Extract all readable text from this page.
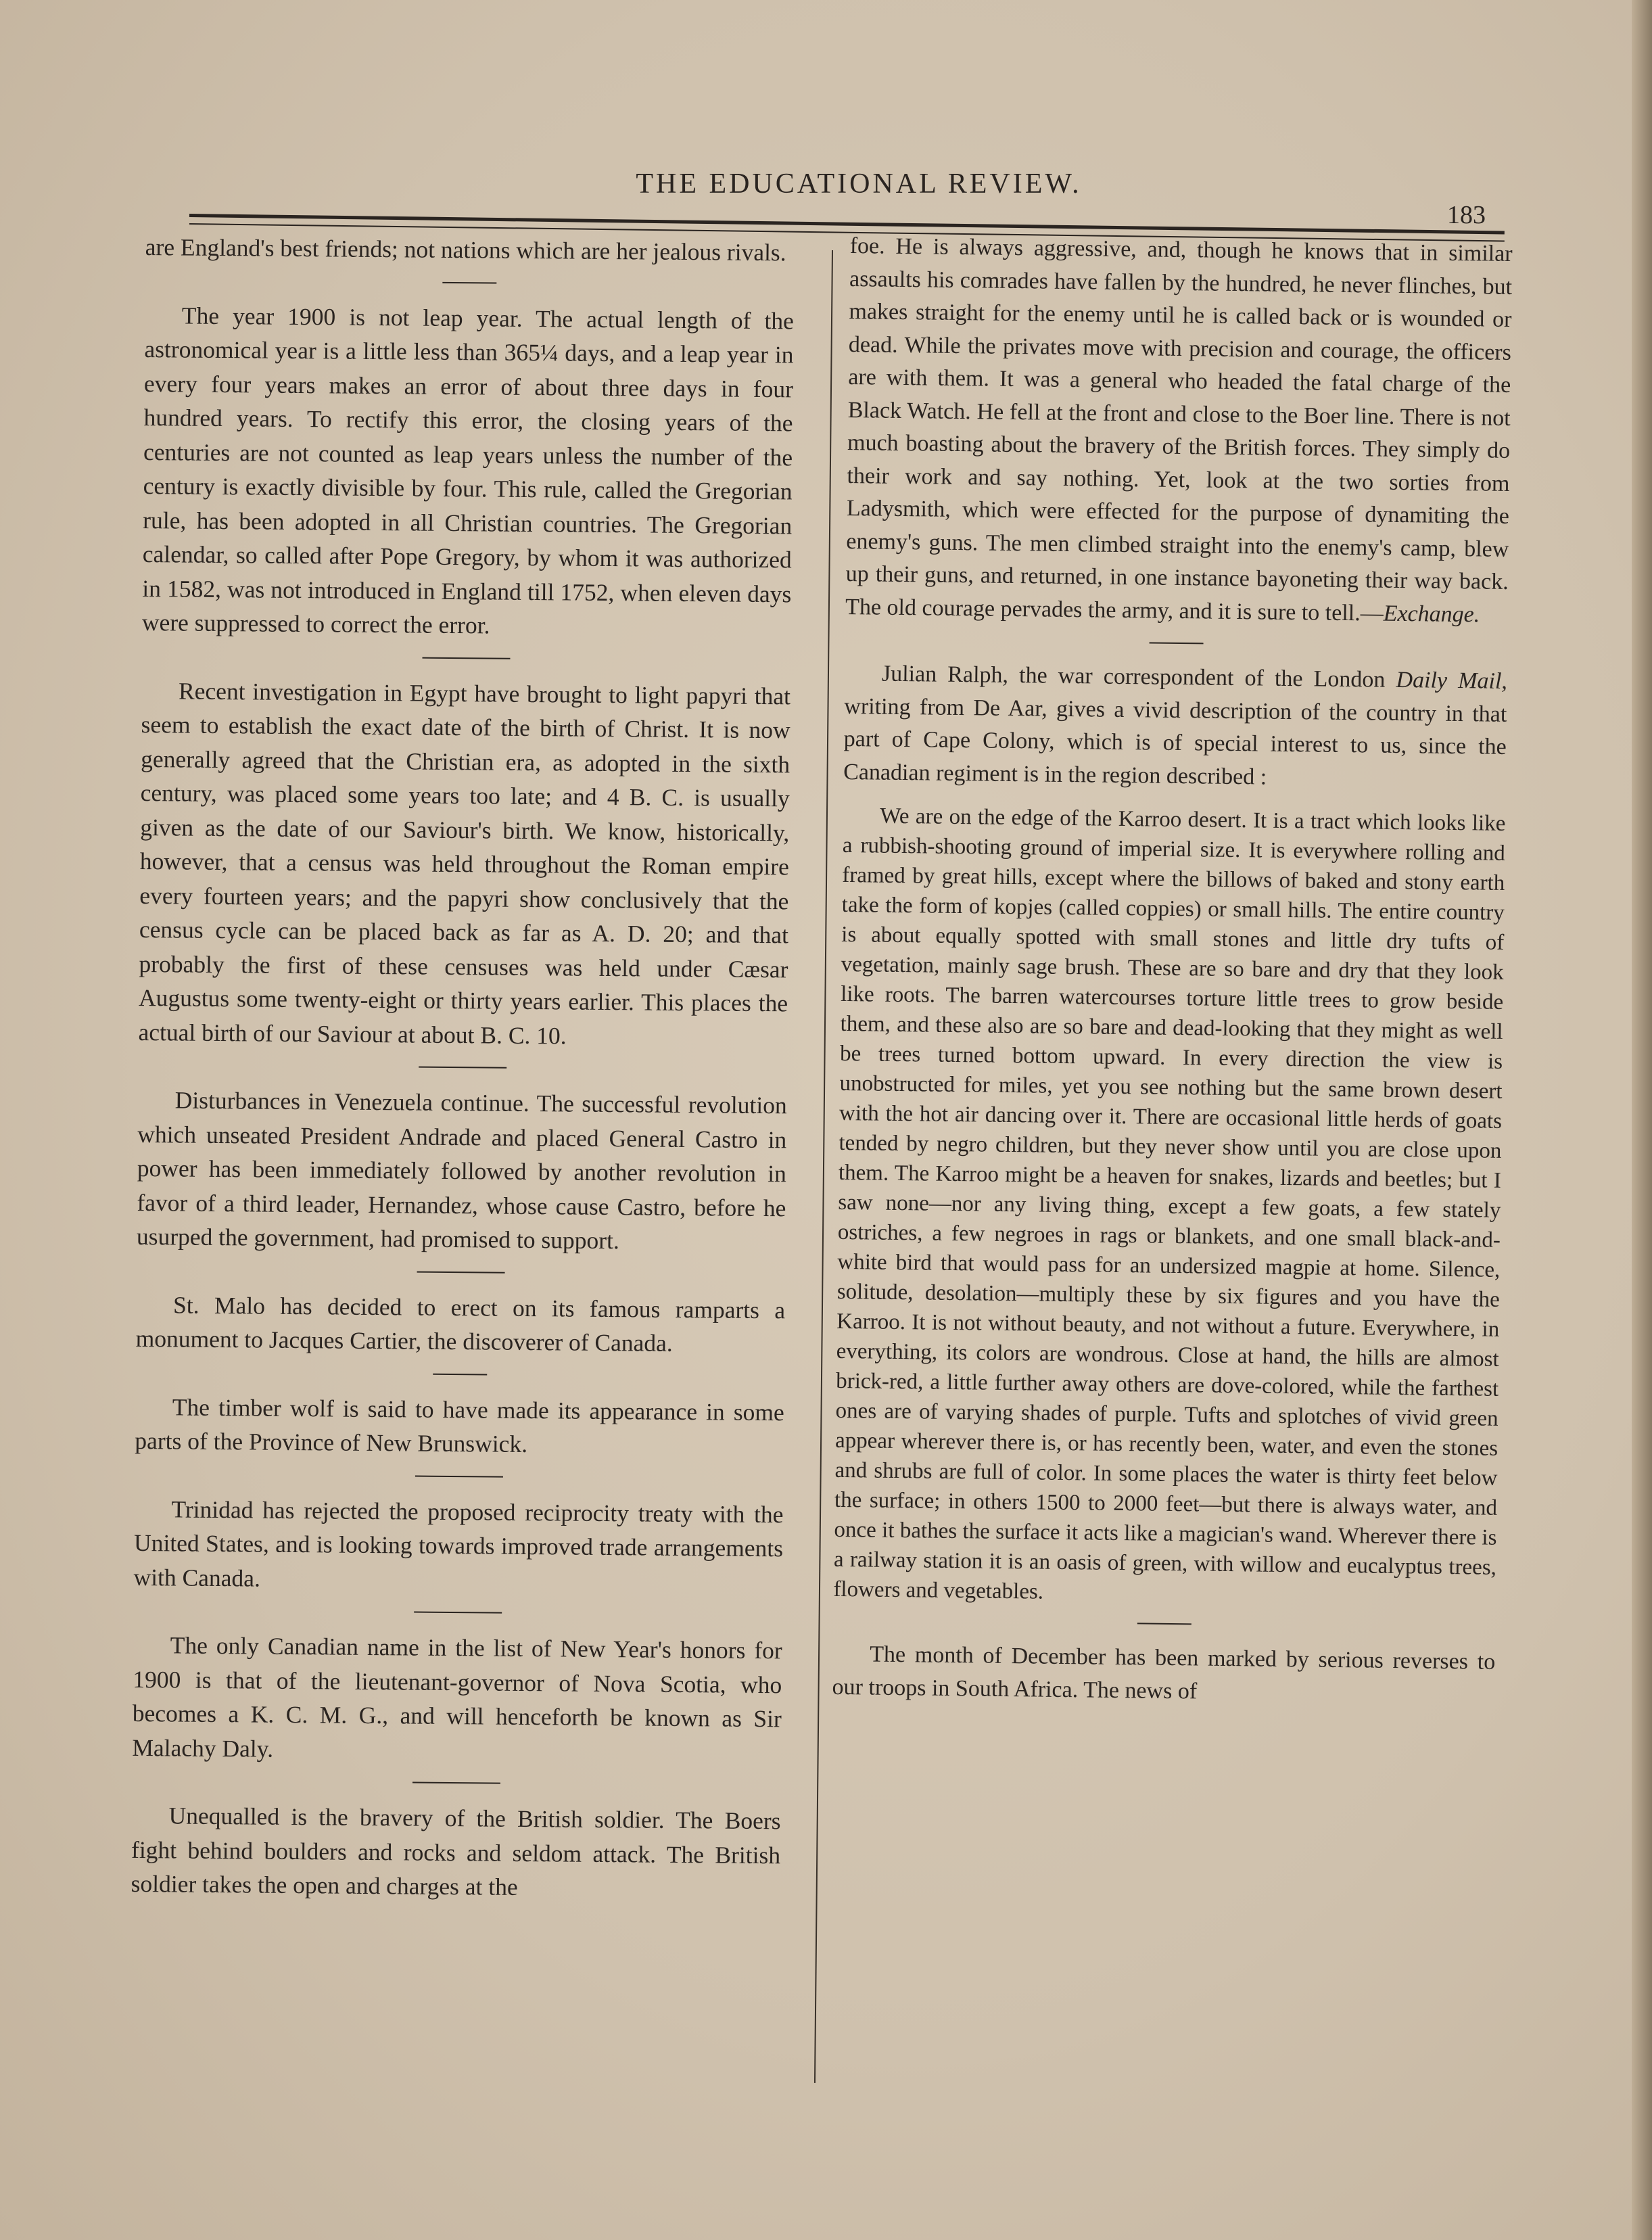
THE EDUCATIONAL REVIEW.
183

are England's best friends; not nations which are her jealous rivals.

The year 1900 is not leap year. The actual length of the astronomical year is a little less than 365¼ days, and a leap year in every four years makes an error of about three days in four hundred years. To rectify this error, the closing years of the centuries are not counted as leap years unless the number of the century is exactly divisible by four. This rule, called the Gregorian rule, has been adopted in all Christian countries. The Gregorian calendar, so called after Pope Gregory, by whom it was authorized in 1582, was not introduced in England till 1752, when eleven days were suppressed to correct the error.

Recent investigation in Egypt have brought to light papyri that seem to establish the exact date of the birth of Christ. It is now generally agreed that the Christian era, as adopted in the sixth century, was placed some years too late; and 4 B. C. is usually given as the date of our Saviour's birth. We know, historically, however, that a census was held throughout the Roman empire every fourteen years; and the papyri show conclusively that the census cycle can be placed back as far as A. D. 20; and that probably the first of these censuses was held under Cæsar Augustus some twenty-eight or thirty years earlier. This places the actual birth of our Saviour at about B. C. 10.

Disturbances in Venezuela continue. The successful revolution which unseated President Andrade and placed General Castro in power has been immediately followed by another revolution in favor of a third leader, Hernandez, whose cause Castro, before he usurped the government, had promised to support.

St. Malo has decided to erect on its famous ramparts a monument to Jacques Cartier, the discoverer of Canada.

The timber wolf is said to have made its appearance in some parts of the Province of New Brunswick.

Trinidad has rejected the proposed reciprocity treaty with the United States, and is looking towards improved trade arrangements with Canada.

The only Canadian name in the list of New Year's honors for 1900 is that of the lieutenant-governor of Nova Scotia, who becomes a K. C. M. G., and will henceforth be known as Sir Malachy Daly.

Unequalled is the bravery of the British soldier. The Boers fight behind boulders and rocks and seldom attack. The British soldier takes the open and charges at the

foe. He is always aggressive, and, though he knows that in similar assaults his comrades have fallen by the hundred, he never flinches, but makes straight for the enemy until he is called back or is wounded or dead. While the privates move with precision and courage, the officers are with them. It was a general who headed the fatal charge of the Black Watch. He fell at the front and close to the Boer line. There is not much boasting about the bravery of the British forces. They simply do their work and say nothing. Yet, look at the two sorties from Ladysmith, which were effected for the purpose of dynamiting the enemy's guns. The men climbed straight into the enemy's camp, blew up their guns, and returned, in one instance bayoneting their way back. The old courage pervades the army, and it is sure to tell.—Exchange.

Julian Ralph, the war correspondent of the London Daily Mail, writing from De Aar, gives a vivid description of the country in that part of Cape Colony, which is of special interest to us, since the Canadian regiment is in the region described :

We are on the edge of the Karroo desert. It is a tract which looks like a rubbish-shooting ground of imperial size. It is everywhere rolling and framed by great hills, except where the billows of baked and stony earth take the form of kopjes (called coppies) or small hills. The entire country is about equally spotted with small stones and little dry tufts of vegetation, mainly sage brush. These are so bare and dry that they look like roots. The barren watercourses torture little trees to grow beside them, and these also are so bare and dead-looking that they might as well be trees turned bottom upward. In every direction the view is unobstructed for miles, yet you see nothing but the same brown desert with the hot air dancing over it. There are occasional little herds of goats tended by negro children, but they never show until you are close upon them. The Karroo might be a heaven for snakes, lizards and beetles; but I saw none—nor any living thing, except a few goats, a few stately ostriches, a few negroes in rags or blankets, and one small black-and-white bird that would pass for an undersized magpie at home. Silence, solitude, desolation—multiply these by six figures and you have the Karroo. It is not without beauty, and not without a future. Everywhere, in everything, its colors are wondrous. Close at hand, the hills are almost brick-red, a little further away others are dove-colored, while the farthest ones are of varying shades of purple. Tufts and splotches of vivid green appear wherever there is, or has recently been, water, and even the stones and shrubs are full of color. In some places the water is thirty feet below the surface; in others 1500 to 2000 feet—but there is always water, and once it bathes the surface it acts like a magician's wand. Wherever there is a railway station it is an oasis of green, with willow and eucalyptus trees, flowers and vegetables.

The month of December has been marked by serious reverses to our troops in South Africa. The news of
